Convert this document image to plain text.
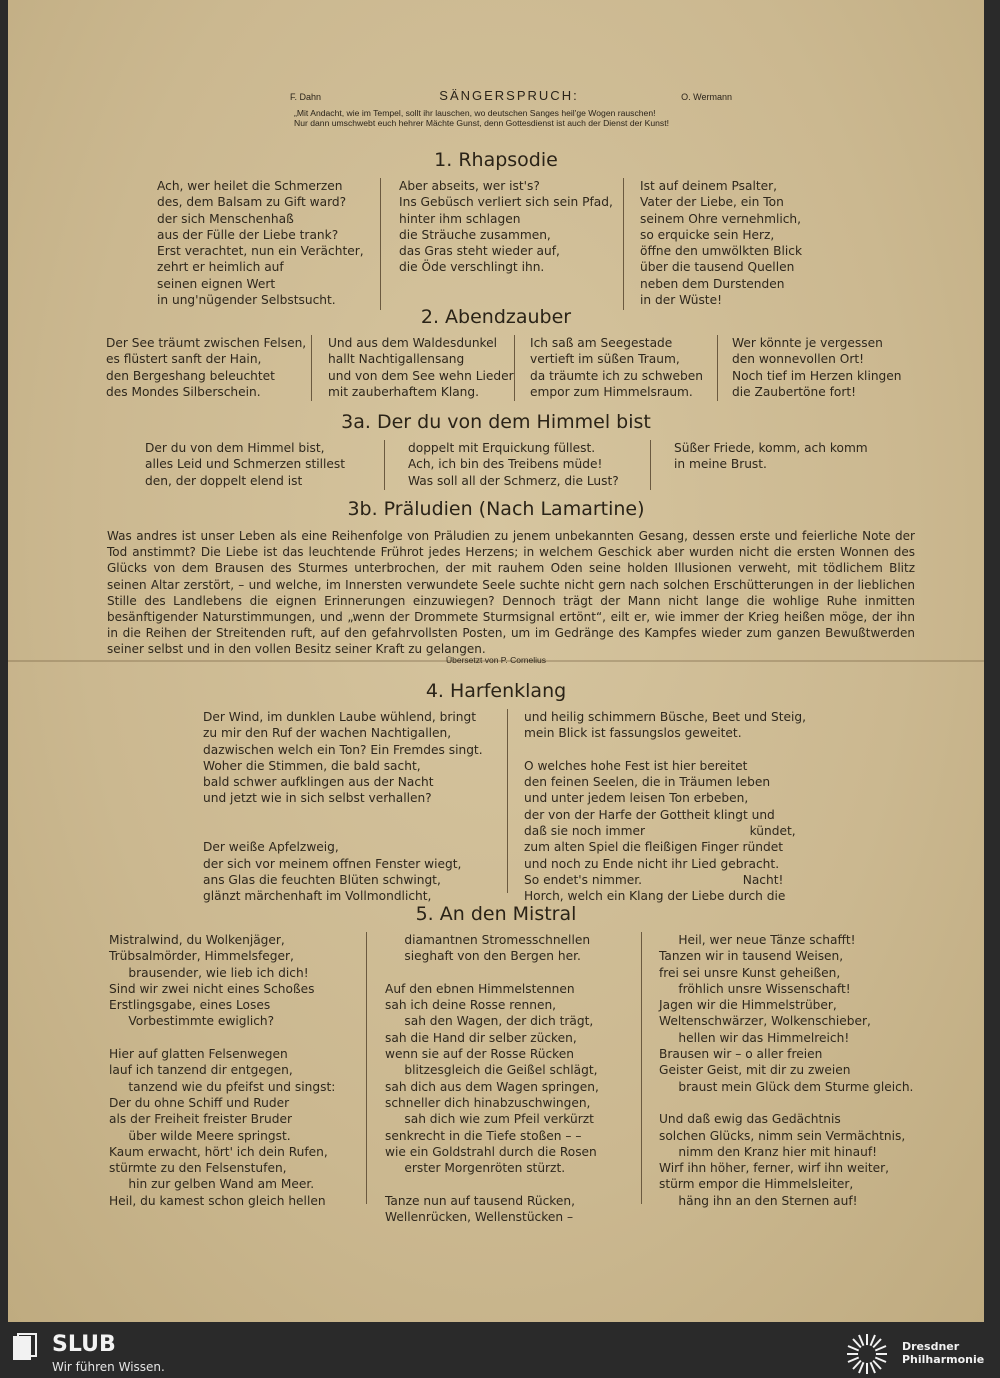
F. Dahn	SÄNGERSPRUCH:	O. Wermann
„Mit Andacht, wie im Tempel, sollt ihr lauschen, wo deutschen Sanges heil'ge Wogen rauschen!
Nur dann umschwebt euch hehrer Mächte Gunst, denn Gottesdienst ist auch der Dienst der Kunst!
1. Rhapsodie
Ach, wer heilet die Schmerzen
des, dem Balsam zu Gift ward?
der sich Menschenhaß
aus der Fülle der Liebe trank?
Erst verachtet, nun ein Verächter,
zehrt er heimlich auf
seinen eignen Wert
in ung'nügender Selbstsucht.
Aber abseits, wer ist's?
Ins Gebüsch verliert sich sein Pfad,
hinter ihm schlagen
die Sträuche zusammen,
das Gras steht wieder auf,
die Öde verschlingt ihn.
Ist auf deinem Psalter,
Vater der Liebe, ein Ton
seinem Ohre vernehmlich,
so erquicke sein Herz,
öffne den umwölkten Blick
über die tausend Quellen
neben dem Durstenden
in der Wüste!
2. Abendzauber
Der See träumt zwischen Felsen,
es flüstert sanft der Hain,
den Bergeshang beleuchtet
des Mondes Silberschein.
Und aus dem Waldesdunkel
hallt Nachtigallensang
und von dem See wehn Lieder
mit zauberhaftem Klang.
Ich saß am Seegestade
vertieft im süßen Traum,
da träumte ich zu schweben
empor zum Himmelsraum.
Wer könnte je vergessen
den wonnevollen Ort!
Noch tief im Herzen klingen
die Zaubertöne fort!
3a. Der du von dem Himmel bist
Der du von dem Himmel bist,
alles Leid und Schmerzen stillest
den, der doppelt elend ist
doppelt mit Erquickung füllest.
Ach, ich bin des Treibens müde!
Was soll all der Schmerz, die Lust?
Süßer Friede, komm, ach komm
in meine Brust.
3b. Präludien (Nach Lamartine)
Was andres ist unser Leben als eine Reihenfolge von Präludien zu jenem unbekannten Gesang, dessen erste und feierliche Note der Tod anstimmt? Die Liebe ist das leuchtende Frührot jedes Herzens; in welchem Geschick aber wurden nicht die ersten Wonnen des Glücks von dem Brausen des Sturmes unterbrochen, der mit rauhem Oden seine holden Illusionen verweht, mit tödlichem Blitz seinen Altar zerstört, – und welche, im Innersten verwundete Seele suchte nicht gern nach solchen Erschütterungen in der lieblichen Stille des Landlebens die eignen Erinnerungen einzuwiegen? Dennoch trägt der Mann nicht lange die wohlige Ruhe inmitten besänftigender Naturstimmungen, und „wenn der Drommete Sturmsignal ertönt“, eilt er, wie immer der Krieg heißen möge, der ihn in die Reihen der Streitenden ruft, auf den gefahrvollsten Posten, um im Gedränge des Kampfes wieder zum ganzen Bewußtwerden seiner selbst und in den vollen Besitz seiner Kraft zu gelangen.
Übersetzt von P. Cornelius
4. Harfenklang
Der Wind, im dunklen Laube wühlend, bringt
zu mir den Ruf der wachen Nachtigallen,
dazwischen welch ein Ton? Ein Fremdes singt.
Woher die Stimmen, die bald sacht,
bald schwer aufklingen aus der Nacht
und jetzt wie in sich selbst verhallen?

Der weiße Apfelzweig,
der sich vor meinem offnen Fenster wiegt,
ans Glas die feuchten Blüten schwingt,
glänzt märchenhaft im Vollmondlicht,
und heilig schimmern Büsche, Beet und Steig,
mein Blick ist fassungslos geweitet.

O welches hohe Fest ist hier bereitet
den feinen Seelen, die in Träumen leben
und unter jedem leisen Ton erbeben,
der von der Harfe der Gottheit klingt und
daß sie noch immer                           kündet,
zum alten Spiel die fleißigen Finger ründet
und noch zu Ende nicht ihr Lied gebracht.
So endet's nimmer.                          Nacht!
Horch, welch ein Klang der Liebe durch die
5. An den Mistral
Mistralwind, du Wolkenjäger,
Trübsalmörder, Himmelsfeger,
brausender, wie lieb ich dich!
Sind wir zwei nicht eines Schoßes
Erstlingsgabe, eines Loses
Vorbestimmte ewiglich?

Hier auf glatten Felsenwegen
lauf ich tanzend dir entgegen,
tanzend wie du pfeifst und singst:
Der du ohne Schiff und Ruder
als der Freiheit freister Bruder
über wilde Meere springst.
Kaum erwacht, hört' ich dein Rufen,
stürmte zu den Felsenstufen,
hin zur gelben Wand am Meer.
Heil, du kamest schon gleich hellen
diamantnen Stromesschnellen
sieghaft von den Bergen her.

Auf den ebnen Himmelstennen
sah ich deine Rosse rennen,
sah den Wagen, der dich trägt,
sah die Hand dir selber zücken,
wenn sie auf der Rosse Rücken
blitzesgleich die Geißel schlägt,
sah dich aus dem Wagen springen,
schneller dich hinabzuschwingen,
sah dich wie zum Pfeil verkürzt
senkrecht in die Tiefe stoßen – –
wie ein Goldstrahl durch die Rosen
erster Morgenröten stürzt.

Tanze nun auf tausend Rücken,
Wellenrücken, Wellenstücken –
Heil, wer neue Tänze schafft!
Tanzen wir in tausend Weisen,
frei sei unsre Kunst geheißen,
fröhlich unsre Wissenschaft!
Jagen wir die Himmelstrüber,
Weltenschwärzer, Wolkenschieber,
hellen wir das Himmelreich!
Brausen wir – o aller freien
Geister Geist, mit dir zu zweien
braust mein Glück dem Sturme gleich.

Und daß ewig das Gedächtnis
solchen Glücks, nimm sein Vermächtnis,
nimm den Kranz hier mit hinauf!
Wirf ihn höher, ferner, wirf ihn weiter,
stürm empor die Himmelsleiter,
häng ihn an den Sternen auf!
SLUB
Wir führen Wissen.
Dresdner
Philharmonie
